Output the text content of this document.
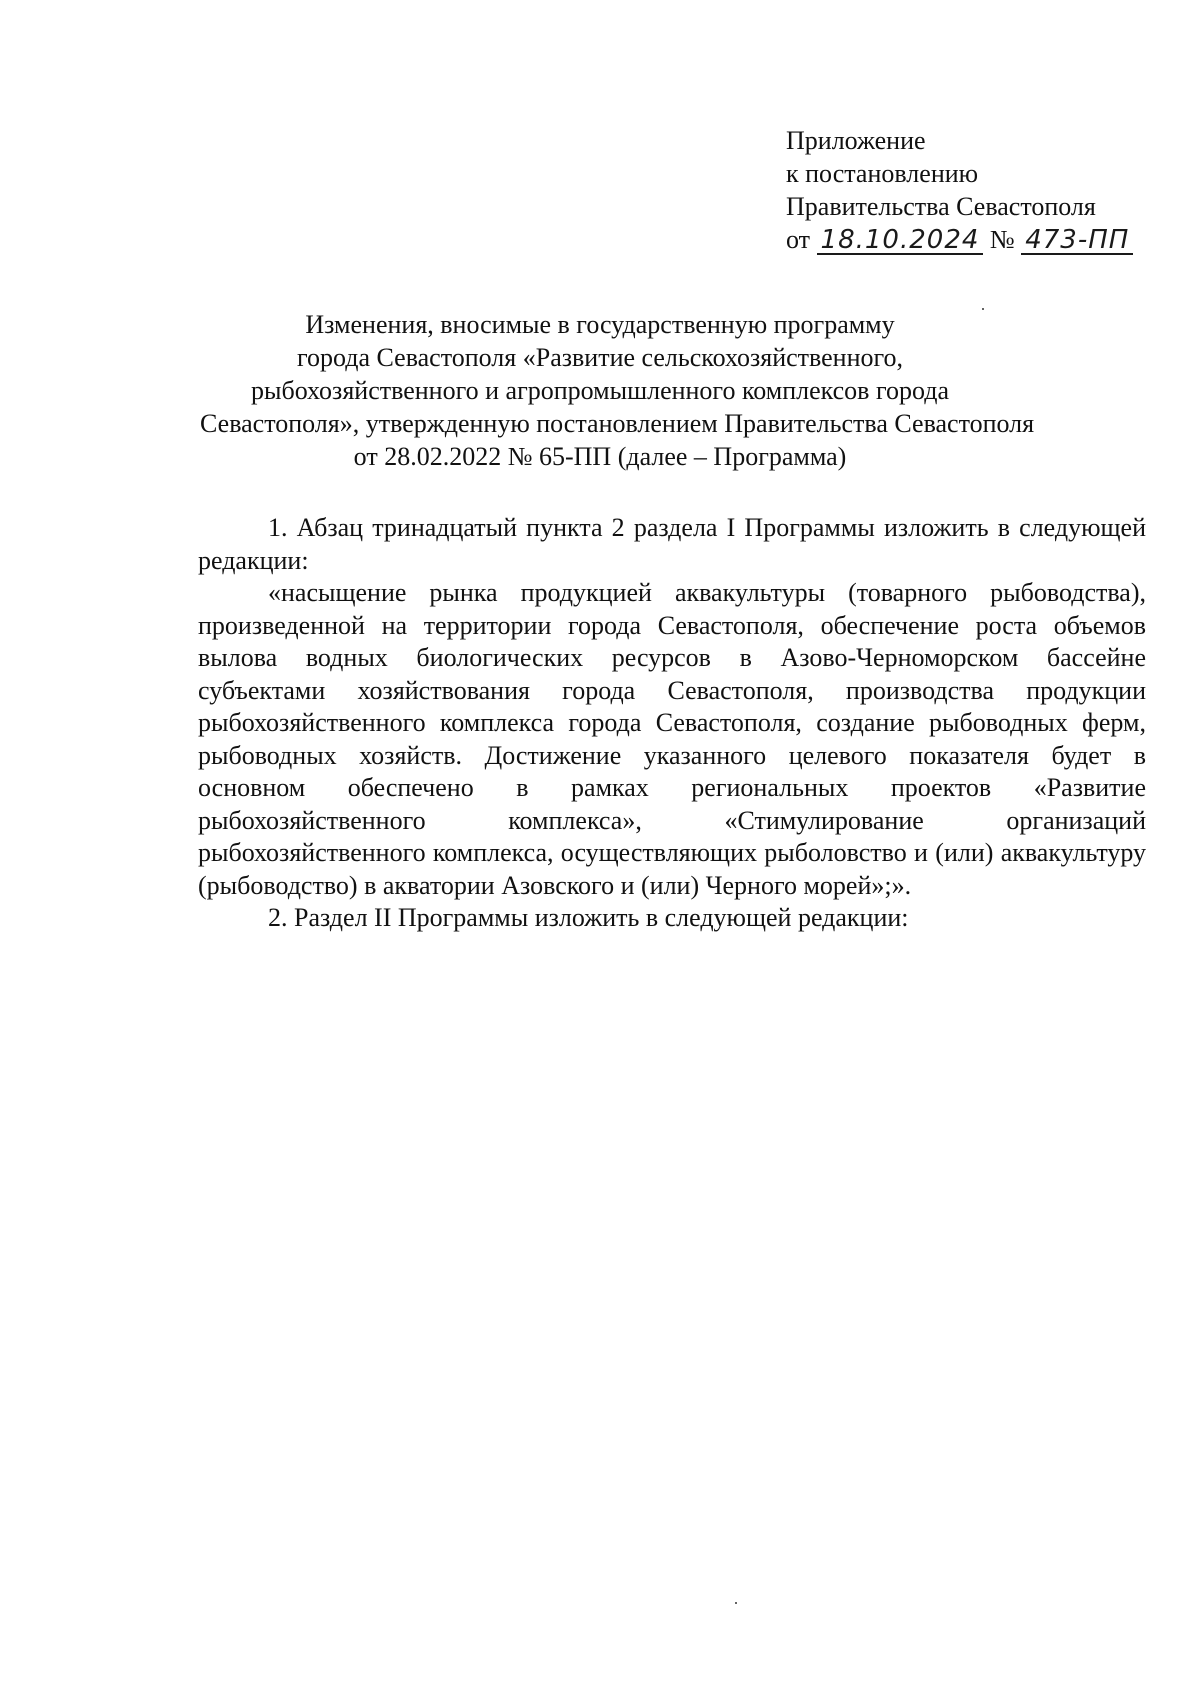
Приложение
к постановлению
Правительства Севастополя
от 18.10.2024 № 473-ПП
Изменения, вносимые в государственную программу
города Севастополя «Развитие сельскохозяйственного,
рыбохозяйственного и агропромышленного комплексов города
Севастополя», утвержденную постановлением Правительства Севастополя
от 28.02.2022 № 65-ПП (далее – Программа)

1. Абзац тринадцатый пункта 2 раздела I Программы изложить в следующей редакции:

«насыщение рынка продукцией аквакультуры (товарного рыбоводства), произведенной на территории города Севастополя, обеспечение роста объемов вылова водных биологических ресурсов в Азово-Черноморском бассейне субъектами хозяйствования города Севастополя, производства продукции рыбохозяйственного комплекса города Севастополя, создание рыбоводных ферм, рыбоводных хозяйств. Достижение указанного целевого показателя будет в основном обеспечено в рамках региональных проектов «Развитие рыбохозяйственного комплекса», «Стимулирование организаций рыбохозяйственного комплекса, осуществляющих рыболовство и (или) аквакультуру (рыбоводство) в акватории Азовского и (или) Черного морей»;».

2. Раздел II Программы изложить в следующей редакции:
